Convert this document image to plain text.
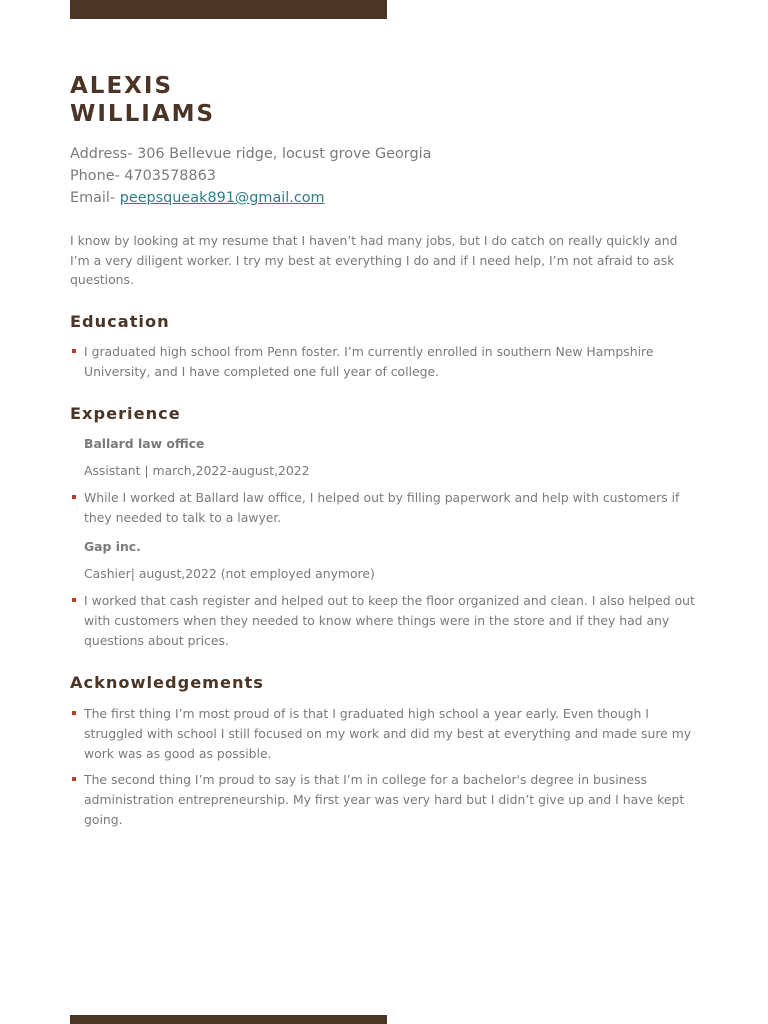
ALEXIS
WILLIAMS
Address- 306 Bellevue ridge, locust grove Georgia
Phone- 4703578863
Email- peepsqueak891@gmail.com
I know by looking at my resume that I haven’t had many jobs, but I do catch on really quickly and I’m a very diligent worker. I try my best at everything I do and if I need help, I’m not afraid to ask questions.
Education
I graduated high school from Penn foster. I’m currently enrolled in southern New Hampshire University, and I have completed one full year of college.
Experience
Ballard law office
Assistant | march,2022-august,2022
While I worked at Ballard law office, I helped out by filling paperwork and help with customers if they needed to talk to a lawyer.
Gap inc.
Cashier| august,2022 (not employed anymore)
I worked that cash register and helped out to keep the floor organized and clean. I also helped out with customers when they needed to know where things were in the store and if they had any questions about prices.
Acknowledgements
The first thing I’m most proud of is that I graduated high school a year early. Even though I struggled with school I still focused on my work and did my best at everything and made sure my work was as good as possible.
The second thing I’m proud to say is that I’m in college for a bachelor's degree in business administration entrepreneurship. My first year was very hard but I didn’t give up and I have kept going.
